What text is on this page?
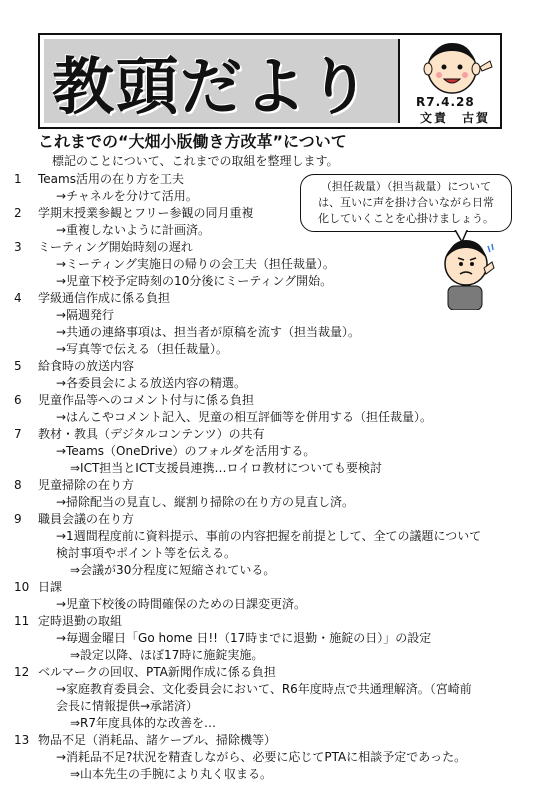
教頭だより	R7.4.28
文責　古賀
これまでの“大畑小版働き方改革”について
標記のことについて、これまでの取組を整理します。
1 Teams活用の在り方を工夫
→チャネルを分けて活用。
2 学期末授業参観とフリー参観の同月重複
→重複しないように計画済。
3 ミーティング開始時刻の遅れ
→ミーティング実施日の帰りの会工夫（担任裁量）。
→児童下校予定時刻の10分後にミーティング開始。
4 学級通信作成に係る負担
→隔週発行
→共通の連絡事項は、担当者が原稿を流す（担当裁量）。
→写真等で伝える（担任裁量）。
5 給食時の放送内容
→各委員会による放送内容の精選。
6 児童作品等へのコメント付与に係る負担
→はんこやコメント記入、児童の相互評価等を併用する（担任裁量）。
7 教材・教具（デジタルコンテンツ）の共有
→Teams（OneDrive）のフォルダを活用する。
⇒ICT担当とICT支援員連携…ロイロ教材についても要検討
8 児童掃除の在り方
→掃除配当の見直し、縦割り掃除の在り方の見直し済。
9 職員会議の在り方
→1週間程度前に資料提示、事前の内容把握を前提として、全ての議題について
検討事項やポイント等を伝える。
⇒会議が30分程度に短縮されている。
10 日課
→児童下校後の時間確保のための日課変更済。
11 定時退勤の取組
→毎週金曜日「Go home 日!!（17時までに退勤・施錠の日）」の設定
⇒設定以降、ほぼ17時に施錠実施。
12 ベルマークの回収、PTA新聞作成に係る負担
→家庭教育委員会、文化委員会において、R6年度時点で共通理解済。（宮崎前
会長に情報提供→承諾済）
⇒R7年度具体的な改善を…
13 物品不足（消耗品、諸ケーブル、掃除機等）
→消耗品不足?状況を精査しながら、必要に応じてPTAに相談予定であった。
⇒山本先生の手腕により丸く収まる。
（担任裁量）（担当裁量）について
は、互いに声を掛け合いながら日常
化していくことを心掛けましょう。
